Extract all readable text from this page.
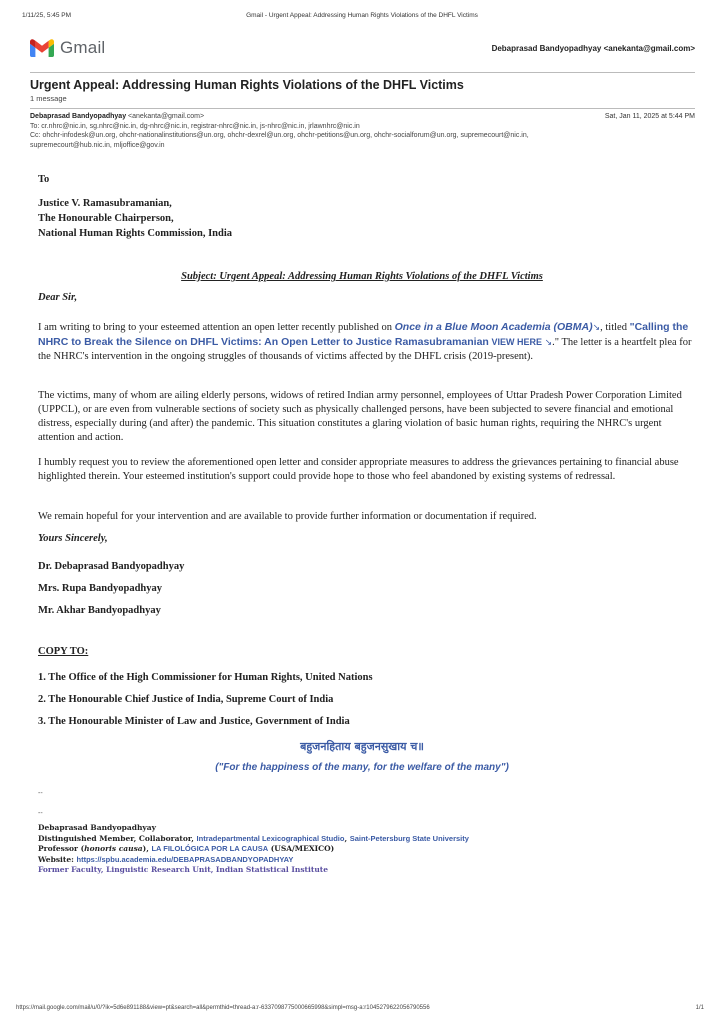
1/11/25, 5:45 PM	Gmail - Urgent Appeal: Addressing Human Rights Violations of the DHFL Victims
Gmail	Debaprasad Bandyopadhyay <anekanta@gmail.com>
Urgent Appeal: Addressing Human Rights Violations of the DHFL Victims
1 message
Debaprasad Bandyopadhyay <anekanta@gmail.com>	Sat, Jan 11, 2025 at 5:44 PM
To: cr.nhrc@nic.in, sg.nhrc@nic.in, dg-nhrc@nic.in, registrar-nhrc@nic.in, js-nhrc@nic.in, jrlawnhrc@nic.in
Cc: ohchr-infodesk@un.org, ohchr-nationalinstitutions@un.org, ohchr-dexrel@un.org, ohchr-petitions@un.org, ohchr-socialforum@un.org, supremecourt@nic.in,
supremecourt@hub.nic.in, mljoffice@gov.in
To
Justice V. Ramasubramanian,
The Honourable Chairperson,
National Human Rights Commission, India
Subject: Urgent Appeal: Addressing Human Rights Violations of the DHFL Victims
Dear Sir,
I am writing to bring to your esteemed attention an open letter recently published on Once in a Blue Moon Academia (OBMA)↘, titled "Calling the NHRC to Break the Silence on DHFL Victims: An Open Letter to Justice Ramasubramanian VIEW HERE ↘." The letter is a heartfelt plea for the NHRC's intervention in the ongoing struggles of thousands of victims affected by the DHFL crisis (2019-present).
The victims, many of whom are ailing elderly persons, widows of retired Indian army personnel, employees of Uttar Pradesh Power Corporation Limited (UPPCL), or are even from vulnerable sections of society such as physically challenged persons, have been subjected to severe financial and emotional distress, especially during (and after) the pandemic. This situation constitutes a glaring violation of basic human rights, requiring the NHRC's urgent attention and action.
I humbly request you to review the aforementioned open letter and consider appropriate measures to address the grievances pertaining to financial abuse highlighted therein. Your esteemed institution's support could provide hope to those who feel abandoned by existing systems of redressal.
We remain hopeful for your intervention and are available to provide further information or documentation if required.
Yours Sincerely,
Dr. Debaprasad Bandyopadhyay
Mrs. Rupa Bandyopadhyay
Mr. Akhar Bandyopadhyay
COPY TO:
1. The Office of the High Commissioner for Human Rights, United Nations
2. The Honourable Chief Justice of India, Supreme Court of India
3. The Honourable Minister of Law and Justice, Government of India
बहुजनहिताय बहुजनसुखाय च॥
("For the happiness of the many, for the welfare of the many")
--
--
Debaprasad Bandyopadhyay
Distinguished Member, Collaborator, Intradepartmental Lexicographical Studio, Saint-Petersburg State University
Professor (honoris causa), LA FILOLÓGICA POR LA CAUSA (USA/MEXICO)
Website: https://spbu.academia.edu/DEBAPRASADBANDYOPADHYAY
Former Faculty, Linguistic Research Unit, Indian Statistical Institute
https://mail.google.com/mail/u/0/?ik=5d6e891188&view=pt&search=all&permthid=thread-a:r-6337098775000665998&simpl=msg-a:r1045279622056790556	1/1
